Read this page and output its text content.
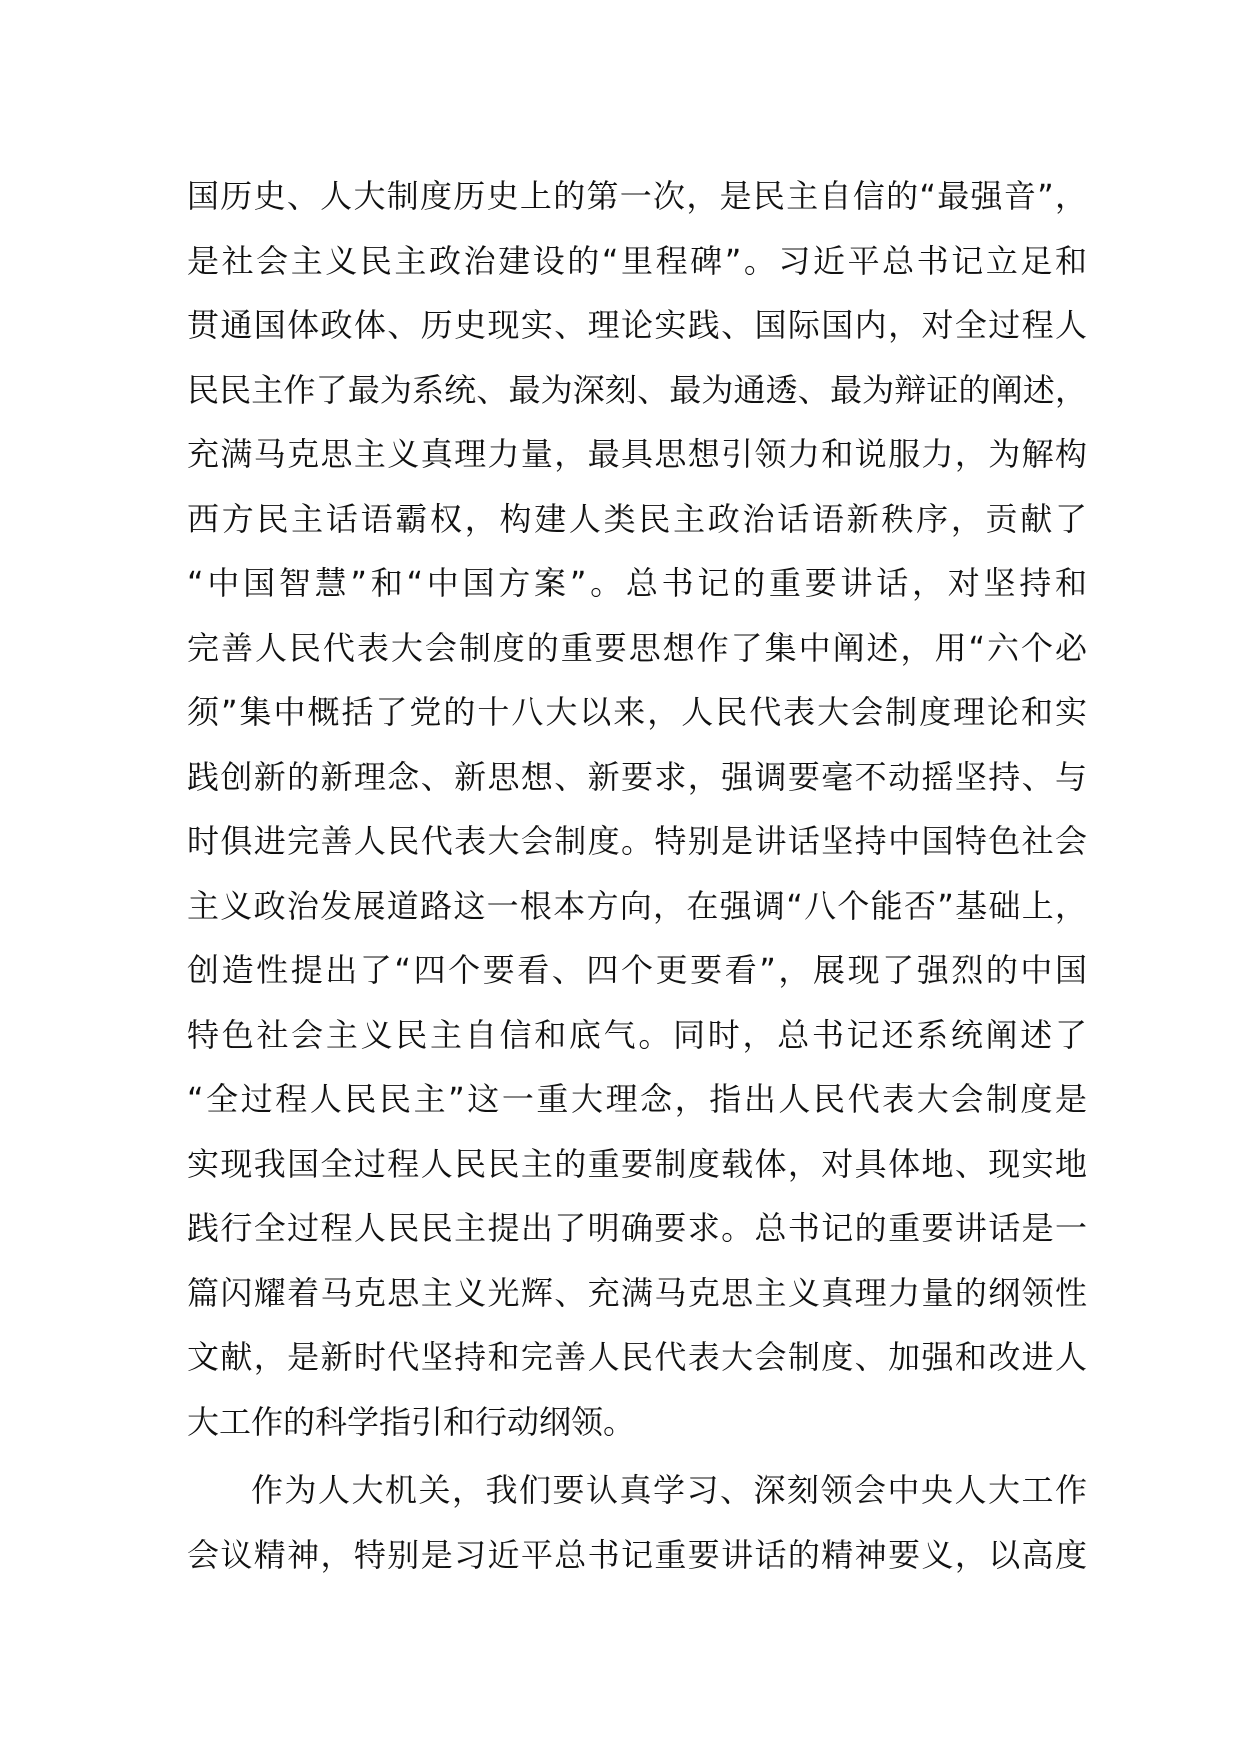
国历史、人大制度历史上的第一次，是民主自信的“最强音”，
是社会主义民主政治建设的“里程碑”。习近平总书记立足和
贯通国体政体、历史现实、理论实践、国际国内，对全过程人
民民主作了最为系统、最为深刻、最为通透、最为辩证的阐述，
充满马克思主义真理力量，最具思想引领力和说服力，为解构
西方民主话语霸权，构建人类民主政治话语新秩序，贡献了
“中国智慧”和“中国方案”。总书记的重要讲话，对坚持和
完善人民代表大会制度的重要思想作了集中阐述，用“六个必
须”集中概括了党的十八大以来，人民代表大会制度理论和实
践创新的新理念、新思想、新要求，强调要毫不动摇坚持、与
时俱进完善人民代表大会制度。特别是讲话坚持中国特色社会
主义政治发展道路这一根本方向，在强调“八个能否”基础上，
创造性提出了“四个要看、四个更要看”，展现了强烈的中国
特色社会主义民主自信和底气。同时，总书记还系统阐述了
“全过程人民民主”这一重大理念，指出人民代表大会制度是
实现我国全过程人民民主的重要制度载体，对具体地、现实地
践行全过程人民民主提出了明确要求。总书记的重要讲话是一
篇闪耀着马克思主义光辉、充满马克思主义真理力量的纲领性
文献，是新时代坚持和完善人民代表大会制度、加强和改进人
大工作的科学指引和行动纲领。
作为人大机关，我们要认真学习、深刻领会中央人大工作
会议精神，特别是习近平总书记重要讲话的精神要义，以高度
